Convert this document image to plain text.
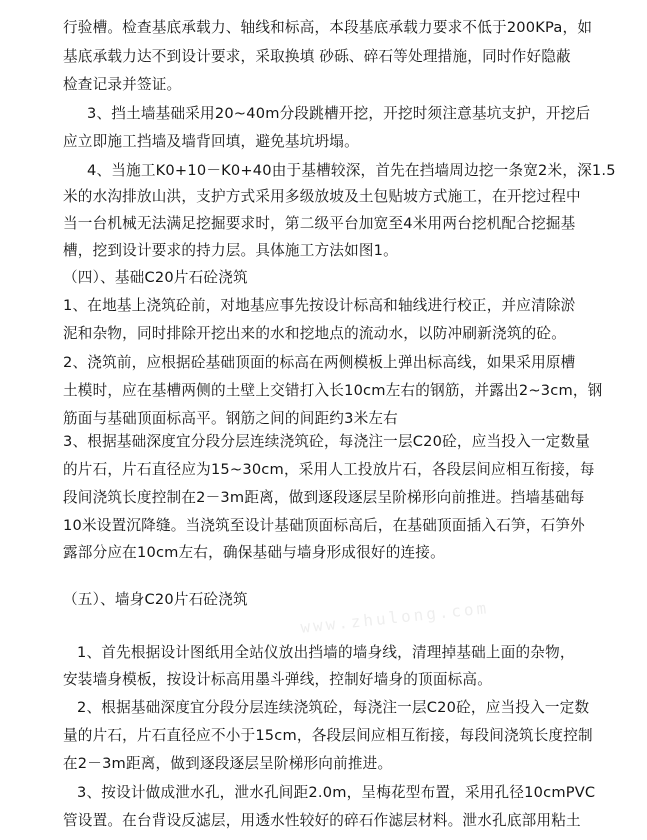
www.zhulong.com
行验槽。检查基底承载力、轴线和标高，本段基底承载力要求不低于200KPa，如
基底承载力达不到设计要求，采取换填 砂砾、碎石等处理措施，同时作好隐蔽
检查记录并签证。
3、挡土墙基础采用20~40m分段跳槽开挖，开挖时须注意基坑支护，开挖后
应立即施工挡墙及墙背回填，避免基坑坍塌。
4、当施工K0+10－K0+40由于基槽较深，首先在挡墙周边挖一条宽2米，深1.5
米的水沟排放山洪，支护方式采用多级放坡及土包贴坡方式施工，在开挖过程中
当一台机械无法满足挖掘要求时，第二级平台加宽至4米用两台挖机配合挖掘基
槽，挖到设计要求的持力层。具体施工方法如图1。
（四）、基础C20片石砼浇筑
1、在地基上浇筑砼前，对地基应事先按设计标高和轴线进行校正，并应清除淤
泥和杂物，同时排除开挖出来的水和挖地点的流动水，以防冲刷新浇筑的砼。
2、浇筑前，应根据砼基础顶面的标高在两侧模板上弹出标高线，如果采用原槽
土模时，应在基槽两侧的土壁上交错打入长10cm左右的钢筋，并露出2~3cm，钢
筋面与基础顶面标高平。钢筋之间的间距约3米左右
3、根据基础深度宜分段分层连续浇筑砼，每浇注一层C20砼，应当投入一定数量
的片石，片石直径应为15~30cm，采用人工投放片石，各段层间应相互衔接，每
段间浇筑长度控制在2－3m距离，做到逐段逐层呈阶梯形向前推进。挡墙基础每
10米设置沉降缝。当浇筑至设计基础顶面标高后，在基础顶面插入石笋，石笋外
露部分应在10cm左右，确保基础与墙身形成很好的连接。
（五）、墙身C20片石砼浇筑
1、首先根据设计图纸用全站仪放出挡墙的墙身线，清理掉基础上面的杂物，
安装墙身模板，按设计标高用墨斗弹线，控制好墙身的顶面标高。
2、根据基础深度宜分段分层连续浇筑砼，每浇注一层C20砼，应当投入一定数
量的片石，片石直径应不小于15cm，各段层间应相互衔接，每段间浇筑长度控制
在2－3m距离，做到逐段逐层呈阶梯形向前推进。
3、按设计做成泄水孔，泄水孔间距2.0m，呈梅花型布置，采用孔径10cmPVC
管设置。在台背设反滤层，用透水性较好的碎石作滤层材料。泄水孔底部用粘土
